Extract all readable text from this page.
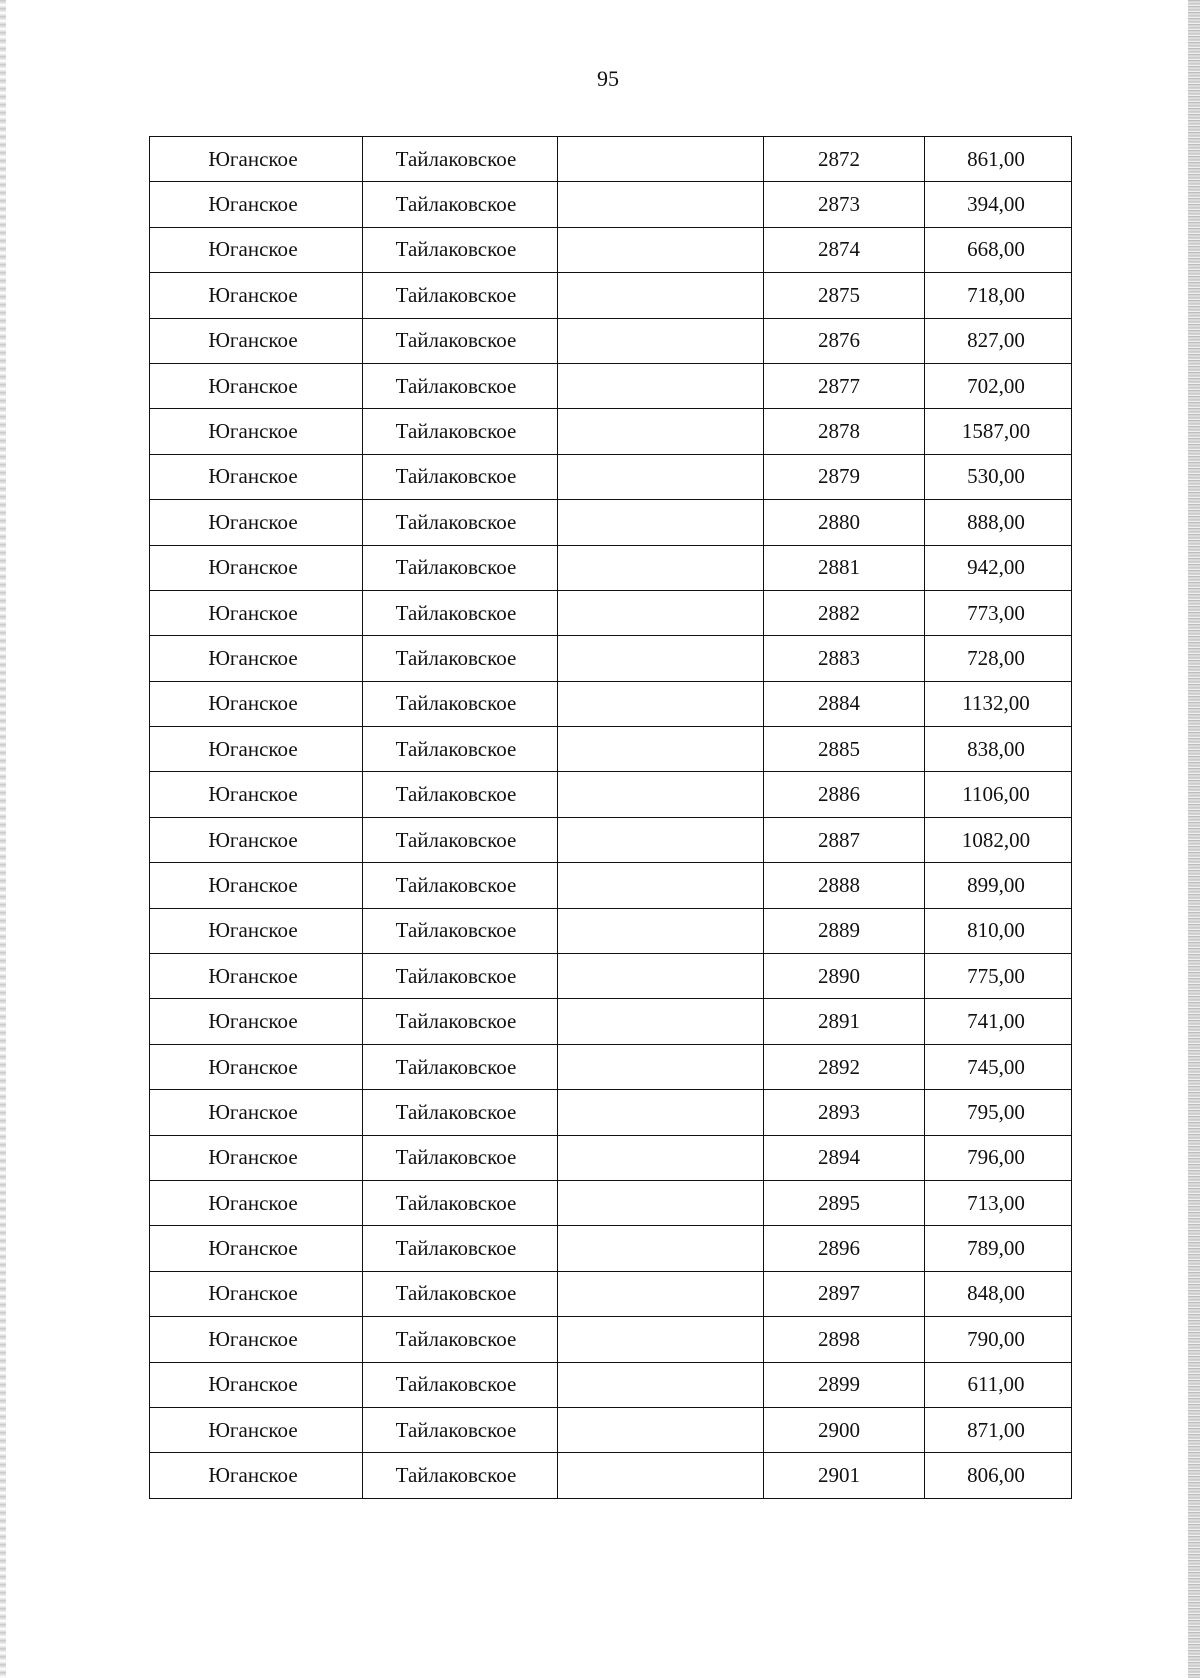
95
Юганское	Тайлаковское		2872	861,00
Юганское	Тайлаковское		2873	394,00
Юганское	Тайлаковское		2874	668,00
Юганское	Тайлаковское		2875	718,00
Юганское	Тайлаковское		2876	827,00
Юганское	Тайлаковское		2877	702,00
Юганское	Тайлаковское		2878	1587,00
Юганское	Тайлаковское		2879	530,00
Юганское	Тайлаковское		2880	888,00
Юганское	Тайлаковское		2881	942,00
Юганское	Тайлаковское		2882	773,00
Юганское	Тайлаковское		2883	728,00
Юганское	Тайлаковское		2884	1132,00
Юганское	Тайлаковское		2885	838,00
Юганское	Тайлаковское		2886	1106,00
Юганское	Тайлаковское		2887	1082,00
Юганское	Тайлаковское		2888	899,00
Юганское	Тайлаковское		2889	810,00
Юганское	Тайлаковское		2890	775,00
Юганское	Тайлаковское		2891	741,00
Юганское	Тайлаковское		2892	745,00
Юганское	Тайлаковское		2893	795,00
Юганское	Тайлаковское		2894	796,00
Юганское	Тайлаковское		2895	713,00
Юганское	Тайлаковское		2896	789,00
Юганское	Тайлаковское		2897	848,00
Юганское	Тайлаковское		2898	790,00
Юганское	Тайлаковское		2899	611,00
Юганское	Тайлаковское		2900	871,00
Юганское	Тайлаковское		2901	806,00
